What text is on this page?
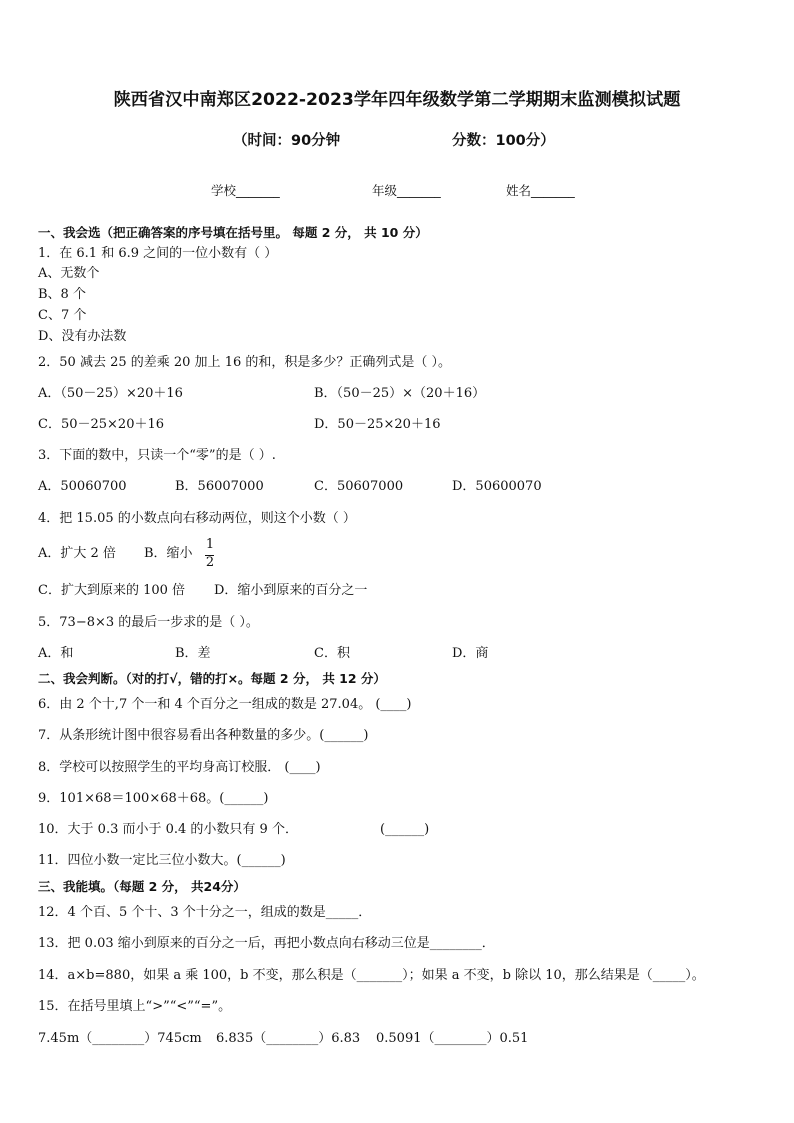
陕西省汉中南郑区2022-2023学年四年级数学第二学期期末监测模拟试题
（时间：90分钟	分数：100分）
学校_______	年级_______	姓名_______
一、我会选（把正确答案的序号填在括号里。 每题 2 分， 共 10 分）
1．在 6.1 和 6.9 之间的一位小数有（ ）
A、无数个
B、8 个
C、7 个
D、没有办法数
2．50 减去 25 的差乘 20 加上 16 的和，积是多少？正确列式是（ ）。
A．（50－25）×20＋16	B．（50－25）×（20＋16）
C．50－25×20＋16	D．50－25×20＋16
3．下面的数中，只读一个“零”的是（ ）.
A．50060700	B．56007000	C．50607000	D．50600070
4．把 15.05 的小数点向右移动两位，则这个小数（ ）
A．扩大 2 倍 B．缩小
1
2
C．扩大到原来的 100 倍 D．缩小到原来的百分之一
5．73−8×3 的最后一步求的是（ ）。
A．和	B．差	C．积	D．商
二、我会判断。（对的打√，错的打×。每题 2 分， 共 12 分）
6．由 2 个十,7 个一和 4 个百分之一组成的数是 27.04。 (____)
7．从条形统计图中很容易看出各种数量的多少。(______)
8．学校可以按照学生的平均身高订校服． (____)
9．101×68＝100×68＋68。(______)
10．大于 0.3 而小于 0.4 的小数只有 9 个．	(______)
11．四位小数一定比三位小数大。(______)
三、我能填。（每题 2 分， 共24分）
12．4 个百、5 个十、3 个十分之一，组成的数是_____．
13．把 0.03 缩小到原来的百分之一后，再把小数点向右移动三位是________．
14．a×b=880，如果 a 乘 100，b 不变，那么积是（_______）；如果 a 不变，b 除以 10，那么结果是（_____）。
15．在括号里填上“>”“<”“=”。
7.45m（________）745cm 6.835（________）6.83 0.5091（________）0.51
